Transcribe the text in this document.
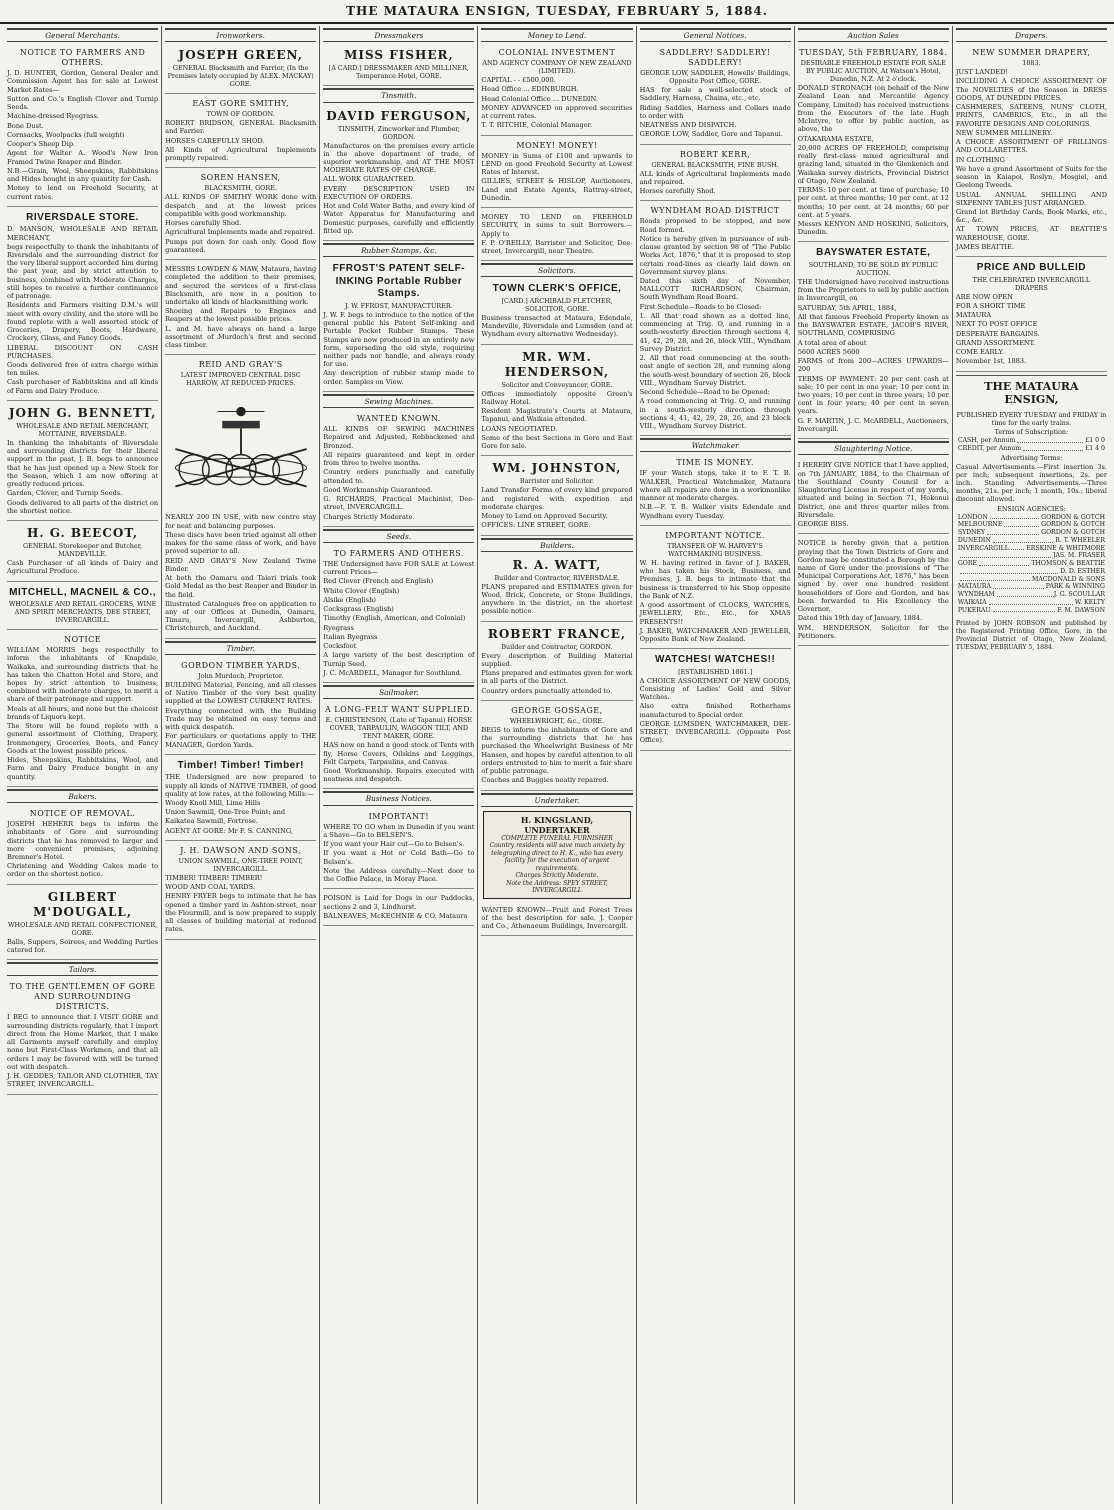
THE MATAURA ENSIGN, TUESDAY, FEBRUARY 5, 1884.
General Merchants.
NOTICE TO FARMERS AND OTHERS.

J. D. HUNTER, Gordon, General Dealer and Commission Agent has for sale at Lowest Market Rates—

Sutton and Co.'s English Clover and Turnip Seeds.

Machine-dressed Ryegrass.

Bone Dust.

Cornsacks, Woolpacks (full weight)

Cooper's Sheep Dip.

Agent for Walter A. Wood's New Iron Framed Twine Reaper and Binder.

N.B.—Grain, Wool, Sheepskins, Rabbitskins and Hides bought in any quantity for Cash.

Money to lend on Freehold Security, at current rates.

RIVERSDALE STORE.

D. MANSON, WHOLESALE AND RETAIL MERCHANT,

begs respectfully to thank the inhabitants of Riversdale and the surrounding district for the very liberal support accorded him during the past year, and by strict attention to business, combined with Moderate Charges, still hopes to receive a further continuance of patronage.

Residents and Farmers visiting D.M.'s will meet with every civility, and the store will be found replete with a well assorted stock of Groceries, Drapery, Boots, Hardware, Crockery, Glass, and Fancy Goods.

LIBERAL DISCOUNT ON CASH PURCHASES.

Goods delivered free of extra charge within ten miles.

Cash purchaser of Rabbitskins and all kinds of Farm and Dairy Produce.

JOHN G. BENNETT,
WHOLESALE AND RETAIL MERCHANT, MOTTAINE, RIVERSDALE.

In thanking the inhabitants of Riversdale and surrounding districts for their liberal support in the past, J. B. begs to announce that he has just opened up a New Stock for the Season, which I am now offering at greatly reduced prices.

Garden, Clover, and Turnip Seeds.

Goods delivered to all parts of the district on the shortest notice.

H. G. BEECOT,
GENERAL Storekeeper and Butcher, MANDEVILLE.

Cash Purchaser of all kinds of Dairy and Agricultural Produce.

MITCHELL, MACNEIL & CO.,
WHOLESALE AND RETAIL GROCERS, WINE AND SPIRIT MERCHANTS, DEE STREET, INVERCARGILL.
NOTICE

WILLIAM MORRIS begs respectfully to inform the inhabitants of Knapdale, Waikaka, and surrounding districts that he has taken the Chatton Hotel and Store, and hopes by strict attention to business, combined with moderate charges, to merit a share of their patronage and support.

Meals at all hours, and none but the choicest brands of Liquors kept.

The Store will be found replete with a general assortment of Clothing, Drapery, Ironmongery, Groceries, Boots, and Fancy Goods at the lowest possible prices.

Hides, Sheepskins, Rabbitskins, Wool, and Farm and Dairy Produce bought in any quantity.

Bakers.
NOTICE OF REMOVAL.

JOSEPH HEHERR begs to inform the inhabitants of Gore and surrounding districts that he has removed to larger and more convenient premises, adjoining Bremner's Hotel.

Christening and Wedding Cakes made to order on the shortest notice.

GILBERT M'DOUGALL,
WHOLESALE AND RETAIL CONFECTIONER, GORE.

Balls, Suppers, Soirees, and Wedding Parties catered for.

Tailors.
TO THE GENTLEMEN OF GORE AND SURROUNDING DISTRICTS.

I BEG to announce that I VISIT GORE and surrounding districts regularly, that I import direct from the Home Market, that I make all Garments myself carefully and employ none but First-Class Workmen, and that all orders I may be favored with will be turned out with despatch.

J. H. GEDDES, TAILOR AND CLOTHIER, TAY STREET, INVERCARGILL.

Ironworkers.
JOSEPH GREEN,
GENERAL Blacksmith and Farrier, (In the Premises lately occupied by ALEX. MACKAY) GORE.
EAST GORE SMITHY,
TOWN OF GORDON.

ROBERT BRIDSON, GENERAL Blacksmith and Farrier.

HORSES CAREFULLY SHOD.

All Kinds of Agricultural Implements promptly repaired.

SOREN HANSEN,
BLACKSMITH, GORE.

ALL KINDS OF SMITHY WORK done with despatch and at the lowest prices compatible with good workmanship.

Horses carefully Shod.

Agricultural Implements made and repaired.

Pumps put down for cash only. Good flow guaranteed.

MESSRS LOWDEN & MAW, Mataura, having completed the addition to their premises, and secured the services of a first-class Blacksmith, are now in a position to undertake all kinds of blacksmithing work.

Shoeing and Repairs to Engines and Reapers at the lowest possible prices.

L. and M. have always on hand a large assortment of Murdoch's first and second class timber.

REID AND GRAY'S
LATEST IMPROVED CENTRAL DISC HARROW, AT REDUCED PRICES.

NEARLY 200 IN USE, with new centre stay for neat and balancing purposes.

These discs have been tried against all other makes for the same class of work, and have proved superior to all.

REID AND GRAY'S New Zealand Twine Binder.

At both the Oamaru and Taieri trials took Gold Medal as the best Reaper and Binder in the field.

Illustrated Catalogues free on application to any of our Offices at Dunedin, Oamaru, Timaru, Invercargill, Ashburton, Christchurch, and Auckland.

Timber.
GORDON TIMBER YARDS.
John Murdoch, Proprietor.

BUILDING Material, Fencing, and all classes of Native Timber of the very best quality supplied at the LOWEST CURRENT RATES.

Everything connected with the Building Trade may be obtained on easy terms and with quick despatch.

For particulars or quotations apply to THE MANAGER, Gordon Yards.

Timber! Timber! Timber!

THE Undersigned are now prepared to supply all kinds of NATIVE TIMBER, of good quality at low rates, at the following Mills:—

Woody Knoll Mill, Lime Hills

Union Sawmill, One-Tree Point; and

Kaikatea Sawmill, Fortrose.

AGENT AT GORE: Mr F. S. CANNING,

J. H. DAWSON AND SONS,
UNION SAWMILL, ONE-TREE POINT, INVERCARGILL.

TIMBER! TIMBER! TIMBER!

WOOD AND COAL YARDS.

HENRY FRYER begs to intimate that he has opened a timber yard in Ashton-street, near the Flourmill, and is now prepared to supply all classes of building material at reduced rates.

Dressmakers
MISS FISHER,
[A CARD.] DRESSMAKER AND MILLINER, Temperance Hotel, GORE.
Tinsmith.
DAVID FERGUSON,
TINSMITH, Zincworker and Plumber, GORDON.

Manufactures on the premises every article in the above department of trade, of superior workmanship, and AT THE MOST MODERATE RATES OF CHARGE.

ALL WORK GUARANTEED.

EVERY DESCRIPTION USED IN EXECUTION OF ORDERS.

Hot and Cold Water Baths, and every kind of Water Apparatus for Manufacturing and Domestic purposes, carefully and efficiently fitted up.

Rubber Stamps, &c.
FFROST'S PATENT SELF-INKING Portable Rubber Stamps.
J. W. FFROST, MANUFACTURER.

J. W. F. begs to introduce to the notice of the general public his Patent Self-inking and Portable Pocket Rubber Stamps. These Stamps are now produced in an entirely new form, superseding the old style, requiring neither pads nor handle, and always ready for use.

Any description of rubber stamp made to order. Samples on View.

Sewing Machines.
WANTED KNOWN.

ALL KINDS OF SEWING MACHINES Repaired and Adjusted, Rebbackened and Bronzed.

All repairs guaranteed and kept in order from three to twelve months.

Country orders punctually and carefully attended to.

Good Workmanship Guaranteed.

G. RICHARDS, Practical Machinist, Dee-street, INVERCARGILL.

Charges Strictly Moderate.

Seeds.
TO FARMERS AND OTHERS.

THE Undersigned have FOR SALE at Lowest current Prices—

Red Clover (French and English)

White Clover (English)

Alsike (English)

Cocksgrass (English)

Timothy (English, American, and Colonial)

Ryegrass

Italian Ryegrass

Cocksfoot

A large variety of the best description of Turnip Seed.

J. C. McARDELL, Manager for Southland.

Sailmaker.
A LONG-FELT WANT SUPPLIED.
E. CHRISTENSON, (Late of Tapanui) HORSE COVER, TARPAULIN, WAGGON TILT, AND TENT MAKER, GORE.

HAS now on hand a good stock of Tents with fly, Horse Covers, Oilskins and Leggings, Felt Carpets, Tarpaulins, and Canvas.

Good Workmanship. Repairs executed with neatness and despatch.

Business Notices.
IMPORTANT!

WHERE TO GO when in Dunedin if you want a Shave—Go to BELSEN'S.

If you want your Hair cut—Go to Belsen's.

If you want a Hot or Cold Bath—Go to Belsen's.

Note the Address carefully—Next door to the Coffee Palace, in Moray Place.

POISON is Laid for Dogs in our Paddocks, sections 2 and 3, Lindhurst.

BALNEAVES, McKECHNIE & CO. Mataura

Money to Lend.
COLONIAL INVESTMENT
AND AGENCY COMPANY OF NEW ZEALAND (LIMITED).

CAPITAL - - £500,000.

Head Office ... EDINBURGH.

Head Colonial Office ... DUNEDIN.

MONEY ADVANCED on approved securities at current rates.

T. T. RITCHIE, Colonial Manager.

MONEY! MONEY!

MONEY in Sums of £100 and upwards to LEND on good Freehold Security at Lowest Rates of Interest.

GILLIES, STREET & HISLOP, Auctioneers, Land and Estate Agents, Rattray-street, Dunedin.

MONEY TO LEND on FREEHOLD SECURITY, in sums to suit Borrowers.—Apply to

F. P. O'REILLY, Barrister and Solicitor, Dee-street, Invercargill, near Theatre.

Solicitors.
TOWN CLERK'S OFFICE,
[CARD.] ARCHIBALD FLETCHER, SOLICITOR, GORE.

Business transacted at Mataura, Edendale, Mandeville, Riversdale and Lumsden (and at Wyndham every alternative Wednesday).

MR. WM. HENDERSON,
Solicitor and Conveyancer, GORE.

Offices immediately opposite Green's Railway Hotel.

Resident Magistrate's Courts at Mataura, Tapanui, and Waikaia attended.

LOANS NEGOTIATED.

Some of the best Sections in Gore and East Gore for sale.

WM. JOHNSTON,
Barrister and Solicitor.

Land Transfer Forms of every kind prepared and registered with expedition and moderate charges.

Money to Lend on Approved Security.

OFFICES: LINE STREET, GORE.

Builders.
R. A. WATT,
Builder and Contractor, RIVERSDALE.

PLANS prepared and ESTIMATES given for Wood, Brick, Concrete, or Stone Buildings, anywhere in the district, on the shortest possible notice.

ROBERT FRANCE,
Builder and Contractor, GORDON.

Every description of Building Material supplied.

Plans prepared and estimates given for work in all parts of the District.

Country orders punctually attended to.

GEORGE GOSSAGE,
WHEELWRIGHT, &c., GORE.

BEGS to inform the inhabitants of Gore and the surrounding districts that he has purchased the Wheelwright Business of Mr Hansen, and hopes by careful attention to all orders entrusted to him to merit a fair share of public patronage.

Coaches and Buggies neatly repaired.

Undertaker.
H. KINGSLAND,
UNDERTAKER
COMPLETE FUNERAL FURNISHER
Country residents will save much anxiety by telegraphing direct to H. K., who has every facility for the execution of urgent requirements.
Charges Strictly Moderate.
Note the Address: SPEY STREET, INVERCARGILL

WANTED KNOWN—Fruit and Forest Trees of the best description for sale. J. Cooper and Co., Athenaeum Buildings, Invercargill.

General Notices.
SADDLERY! SADDLERY! SADDLERY!
GEORGE LOW, SADDLER, Howells' Buildings, Opposite Post Office, GORE.

HAS for sale a well-selected stock of Saddlery, Harness, Chains, etc., etc.

Riding Saddles, Harness and Collars made to order with

NEATNESS AND DISPATCH.

GEORGE LOW, Saddler, Gore and Tapanui.

ROBERT KERR,
GENERAL BLACKSMITH, FINE BUSH.

ALL kinds of Agricultural Implements made and repaired.

Horses carefully Shod.

WYNDHAM ROAD DISTRICT

Roads proposed to be stopped, and new Road formed.

Notice is hereby given in pursuance of sub-clause granted by section 98 of "The Public Works Act, 1876," that it is proposed to stop certain road-lines as clearly laid down on Government survey plans.

Dated this sixth day of November, MALLCOTT RICHARDSON, Chairman, South Wyndham Road Board.

First Schedule—Roads to be Closed:

1. All that road shown as a dotted line, commencing at Trig. O, and running in a south-westerly direction through sections 4, 41, 42, 29, 28, and 26, block VIII., Wyndham Survey District.

2. All that road commencing at the south-east angle of section 28, and running along the south-west boundary of section 26, block VIII., Wyndham Survey District.

Second Schedule—Road to be Opened:

A road commencing at Trig. O, and running in a south-westerly direction through sections 4, 41, 42, 29, 28, 26, and 23 block VIII., Wyndham Survey District.

Watchmaker
TIME IS MONEY.

IF your Watch stops, take it to F. T. B. WALKER, Practical Watchmaker, Mataura where all repairs are done in a workmanlike manner at moderate charges.

N.B.—F. T. B. Walker visits Edendale and Wyndham every Tuesday.

IMPORTANT NOTICE.
TRANSFER OF W. HARVEY'S WATCHMAKING BUSINESS.

W. H. having retired in favor of J. BAKER, who has taken his Stock, Business, and Premises, J. B. begs to intimate that the business is transferred to his Shop opposite the Bank of N.Z.

A good assortment of CLOCKS, WATCHES, JEWELLERY, Etc., Etc., for XMAS PRESENTS!!

J. BAKER, WATCHMAKER AND JEWELLER, Opposite Bank of New Zealand.

WATCHES! WATCHES!!
[ESTABLISHED 1861.]

A CHOICE ASSORTMENT OF NEW GOODS, Consisting of Ladies' Gold and Silver Watches.

Also extra finished Rotherhams manufactured to Special order.

GEORGE LUMSDEN, WATCHMAKER, DEE-STREET, INVERCARGILL (Opposite Post Office).

Auction Sales
TUESDAY, 5th FEBRUARY, 1884.
DESIRABLE FREEHOLD ESTATE FOR SALE BY PUBLIC AUCTION, At Watson's Hotel, Dunedin, N.Z. At 2 o'clock.

DONALD STRONACH (on behalf of the New Zealand Loan and Mercantile Agency Company, Limited) has received instructions from the Executors of the late Hugh McIntyre, to offer by public auction, as above, the

OTAKARAMA ESTATE,

20,000 ACRES OF FREEHOLD, comprising really first-class mixed agricultural and grazing land, situated in the Glenkenich and Waikaka survey districts, Provincial District of Otago, New Zealand.

TERMS: 10 per cent. at time of purchase; 10 per cent. at three months; 10 per cent. at 12 months; 10 per cent. at 24 months; 60 per cent. at 5 years.

Messrs KENYON AND HOSKING, Solicitors, Dunedin.

BAYSWATER ESTATE,
SOUTHLAND, TO BE SOLD BY PUBLIC AUCTION.

THE Undersigned have received instructions from the Proprietors to sell by public auction in Invercargill, on

SATURDAY, 5th APRIL, 1884,

All that famous Freehold Property known as the BAYSWATER ESTATE, JACOB'S RIVER, SOUTHLAND, COMPRISING

A total area of about

5600 ACRES 5600

FARMS of from 200—ACRES UPWARDS—200

TERMS OF PAYMENT: 20 per cent cash at sale; 10 per cent in one year; 10 per cent in two years; 10 per cent in three years; 10 per cent in four years; 40 per cent in seven years.

G. F. MARTIN, J. C. McARDELL, Auctioneers, Invercargill.

Slaughtering Notice.

I HEREBY GIVE NOTICE that I have applied, on 7th JANUARY, 1884, to the Chairman of the Southland County Council for a Slaughtering License in respect of my yards, situated and being in Section 71, Hokonui District, one and three quarter miles from Riversdale.

GEORGE BISS.

NOTICE is hereby given that a petition praying that the Town Districts of Gore and Gordon may be constituted a Borough by the name of Gore under the provisions of "The Municipal Corporations Act, 1876," has been signed by over one hundred resident householders of Gore and Gordon, and has been forwarded to His Excellency the Governor.

Dated this 19th day of January, 1884.

WM. HENDERSON, Solicitor for the Petitioners.

Drapers.
NEW SUMMER DRAPERY,
1883.

JUST LANDED!

INCLUDING A CHOICE ASSORTMENT OF The NOVELTIES of the Season in DRESS GOODS, AT DUNEDIN PRICES.

CASHMERES, SATEENS, NUNS' CLOTH, PRINTS, CAMBRICS, Etc., in all the FAVORITE DESIGNS AND COLORINGS.

NEW SUMMER MILLINERY.

A CHOICE ASSORTMENT OF FRILLINGS AND COLLARETTES.

IN CLOTHING

We have a grand Assortment of Suits for the season in Kaiapoi, Roslyn, Mosgiel, and Geelong Tweeds.

USUAL ANNUAL SHILLING AND SIXPENNY TABLES JUST ARRANGED.

Grand lot Birthday Cards, Book Marks, etc., &c., &c.

AT TOWN PRICES, AT BEATTIE'S WAREHOUSE, GORE.

JAMES BEATTIE.

PRICE AND BULLEID
THE CELEBRATED INVERCARGILL DRAPERS

ARE NOW OPEN

FOR A SHORT TIME

MATAURA

NEXT TO POST OFFICE

DESPERATE BARGAINS.

GRAND ASSORTMENT.

COME EARLY.

November 1st, 1883.

THE MATAURA ENSIGN,
PUBLISHED EVERY TUESDAY and FRIDAY in time for the early trains.
Terms of Subscription:
CASH, per Annum	£1 0 0
CREDIT, per Annum	£1 4 0
Advertising Terms:

Casual Advertisements.—First insertion 3s. per inch; subsequent insertions, 2s. per inch. Standing Advertisements.—Three months, 21s. per inch; 1 month, 10s.; liberal discount allowed.

ENSIGN AGENCIES:
LONDON	GORDON & GOTCH
MELBOURNE	GORDON & GOTCH
SYDNEY	GORDON & GOTCH
DUNEDIN	R. T. WHEELER
INVERCARGILL	ERSKINE & WHITMORE
JAS. M. FRASER
GORE	THOMSON & BEATTIE
D. D. ESTHER
MACDONALD & SONS
MATAURA	PARK & WINNING
WYNDHAM	J. G. SCOULLAR
WAIKAIA	W. KELTY
PUKERAU	F. M. DAWSON
Printed by JOHN ROBSON and published by the Registered Printing Office, Gore, in the Provincial District of Otago, New Zealand, TUESDAY, FEBRUARY 5, 1884.
